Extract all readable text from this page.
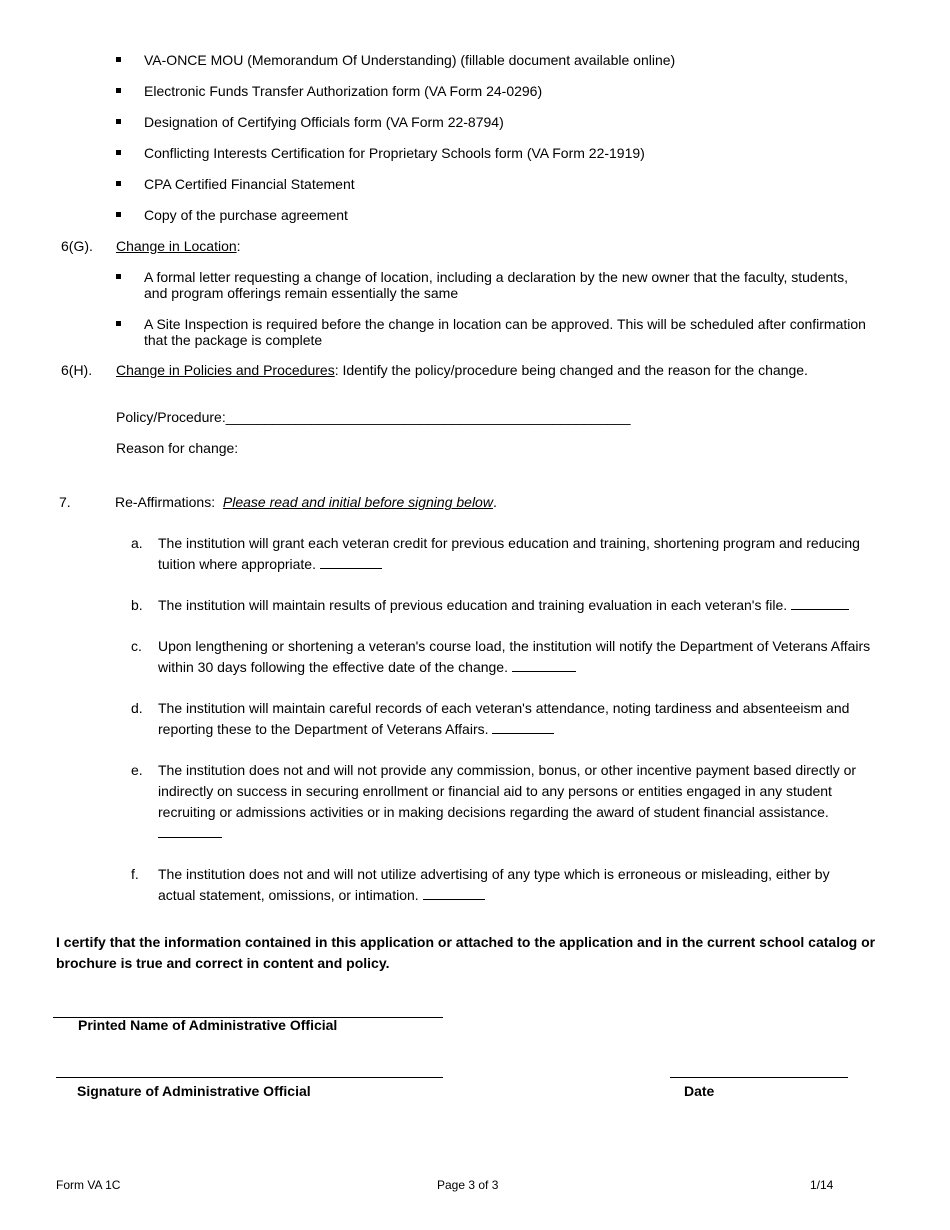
VA-ONCE MOU (Memorandum Of Understanding) (fillable document available online)
Electronic Funds Transfer Authorization form (VA Form 24-0296)
Designation of Certifying Officials form (VA Form 22-8794)
Conflicting Interests Certification for Proprietary Schools form (VA Form 22-1919)
CPA Certified Financial Statement
Copy of the purchase agreement
6(G). Change in Location:
A formal letter requesting a change of location, including a declaration by the new owner that the faculty, students, and program offerings remain essentially the same
A Site Inspection is required before the change in location can be approved. This will be scheduled after confirmation that the package is complete
6(H). Change in Policies and Procedures: Identify the policy/procedure being changed and the reason for the change.
Policy/Procedure:____________________________________________________
Reason for change:
7.	Re-Affirmations: Please read and initial before signing below.
a. The institution will grant each veteran credit for previous education and training, shortening program and reducing tuition where appropriate.
b. The institution will maintain results of previous education and training evaluation in each veteran's file.
c. Upon lengthening or shortening a veteran's course load, the institution will notify the Department of Veterans Affairs within 30 days following the effective date of the change.
d. The institution will maintain careful records of each veteran's attendance, noting tardiness and absenteeism and reporting these to the Department of Veterans Affairs.
e. The institution does not and will not provide any commission, bonus, or other incentive payment based directly or indirectly on success in securing enrollment or financial aid to any persons or entities engaged in any student recruiting or admissions activities or in making decisions regarding the award of student financial assistance.
f. The institution does not and will not utilize advertising of any type which is erroneous or misleading, either by actual statement, omissions, or intimation.
I certify that the information contained in this application or attached to the application and in the current school catalog or brochure is true and correct in content and policy.
Printed Name of Administrative Official
Signature of Administrative Official	Date
Form VA 1C	Page 3 of 3	1/14
